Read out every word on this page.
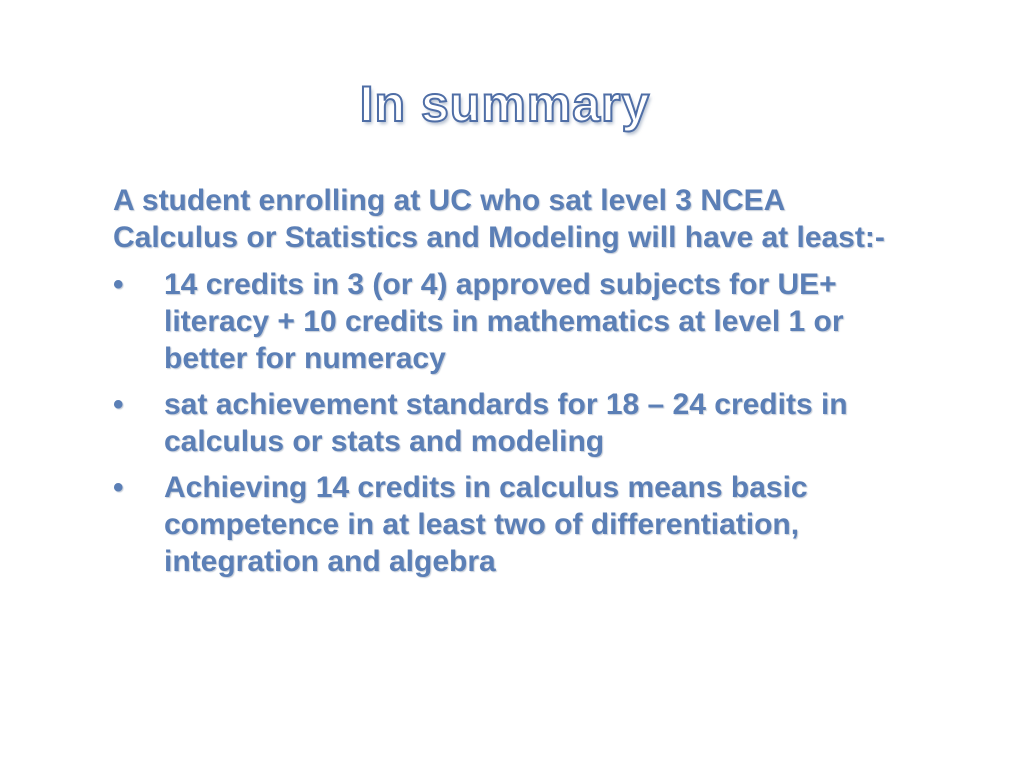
In summary

A student enrolling at UC who sat level 3 NCEA Calculus or Statistics and Modeling will have at least:-

•	14 credits in 3 (or 4) approved subjects for UE+ literacy + 10 credits in mathematics at level 1 or better for numeracy
•	sat achievement standards for 18 – 24 credits in calculus or stats and modeling
•	Achieving 14 credits in calculus means basic competence in at least two of differentiation, integration and algebra
